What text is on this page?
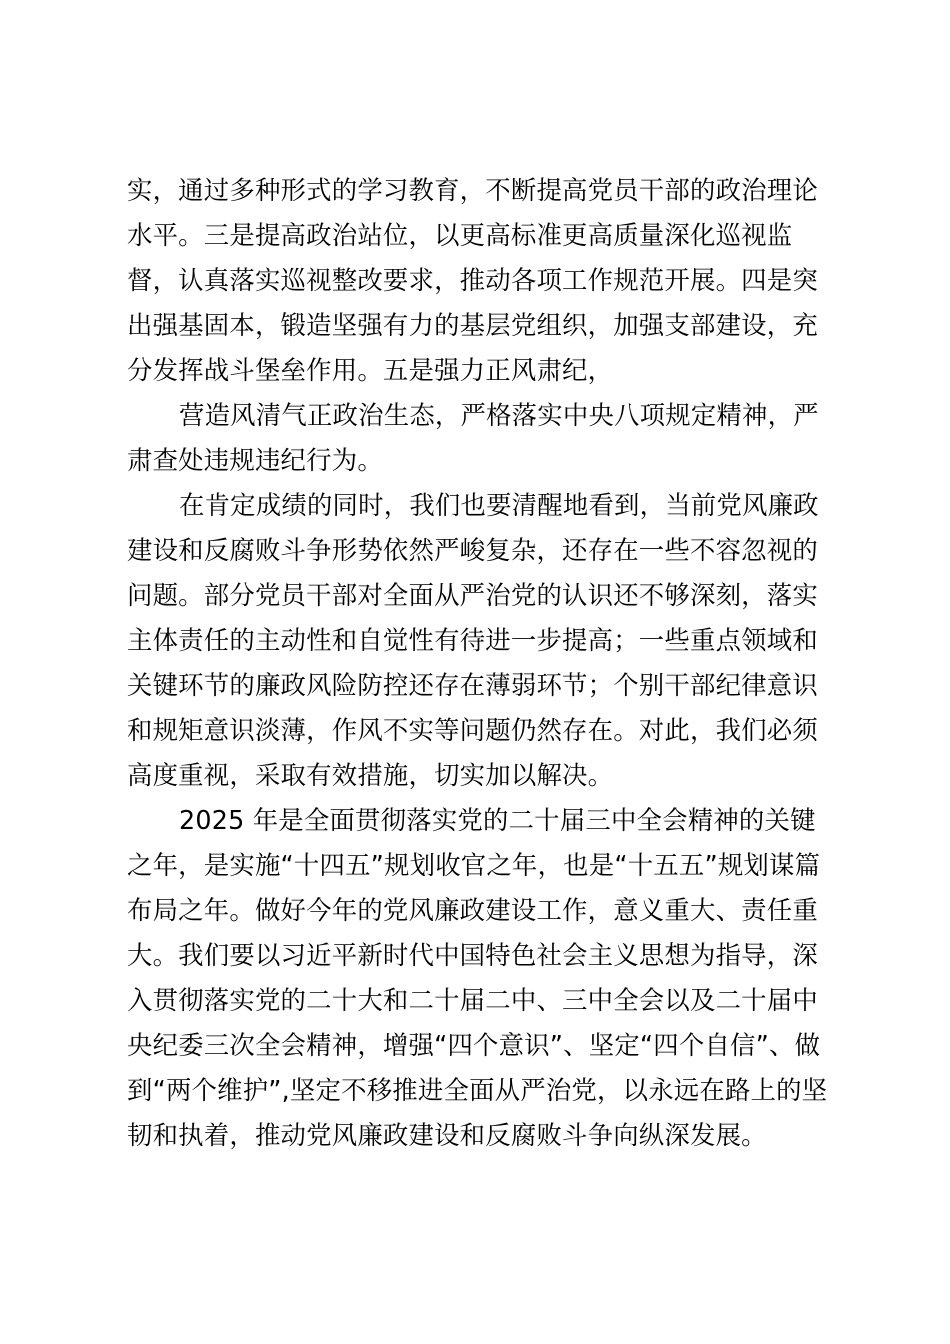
实，通过多种形式的学习教育，不断提高党员干部的政治理论
水平。三是提高政治站位，以更高标准更高质量深化巡视监
督，认真落实巡视整改要求，推动各项工作规范开展。四是突
出强基固本，锻造坚强有力的基层党组织，加强支部建设，充
分发挥战斗堡垒作用。五是强力正风肃纪，
营造风清气正政治生态，严格落实中央八项规定精神，严
肃查处违规违纪行为。
在肯定成绩的同时，我们也要清醒地看到，当前党风廉政
建设和反腐败斗争形势依然严峻复杂，还存在一些不容忽视的
问题。部分党员干部对全面从严治党的认识还不够深刻，落实
主体责任的主动性和自觉性有待进一步提高；一些重点领域和
关键环节的廉政风险防控还存在薄弱环节；个别干部纪律意识
和规矩意识淡薄，作风不实等问题仍然存在。对此，我们必须
高度重视，采取有效措施，切实加以解决。
2025 年是全面贯彻落实党的二十届三中全会精神的关键
之年，是实施“十四五”规划收官之年，也是“十五五”规划谋篇
布局之年。做好今年的党风廉政建设工作，意义重大、责任重
大。我们要以习近平新时代中国特色社会主义思想为指导，深
入贯彻落实党的二十大和二十届二中、三中全会以及二十届中
央纪委三次全会精神，增强“四个意识”、坚定“四个自信”、做
到“两个维护”,坚定不移推进全面从严治党，以永远在路上的坚
韧和执着，推动党风廉政建设和反腐败斗争向纵深发展。
